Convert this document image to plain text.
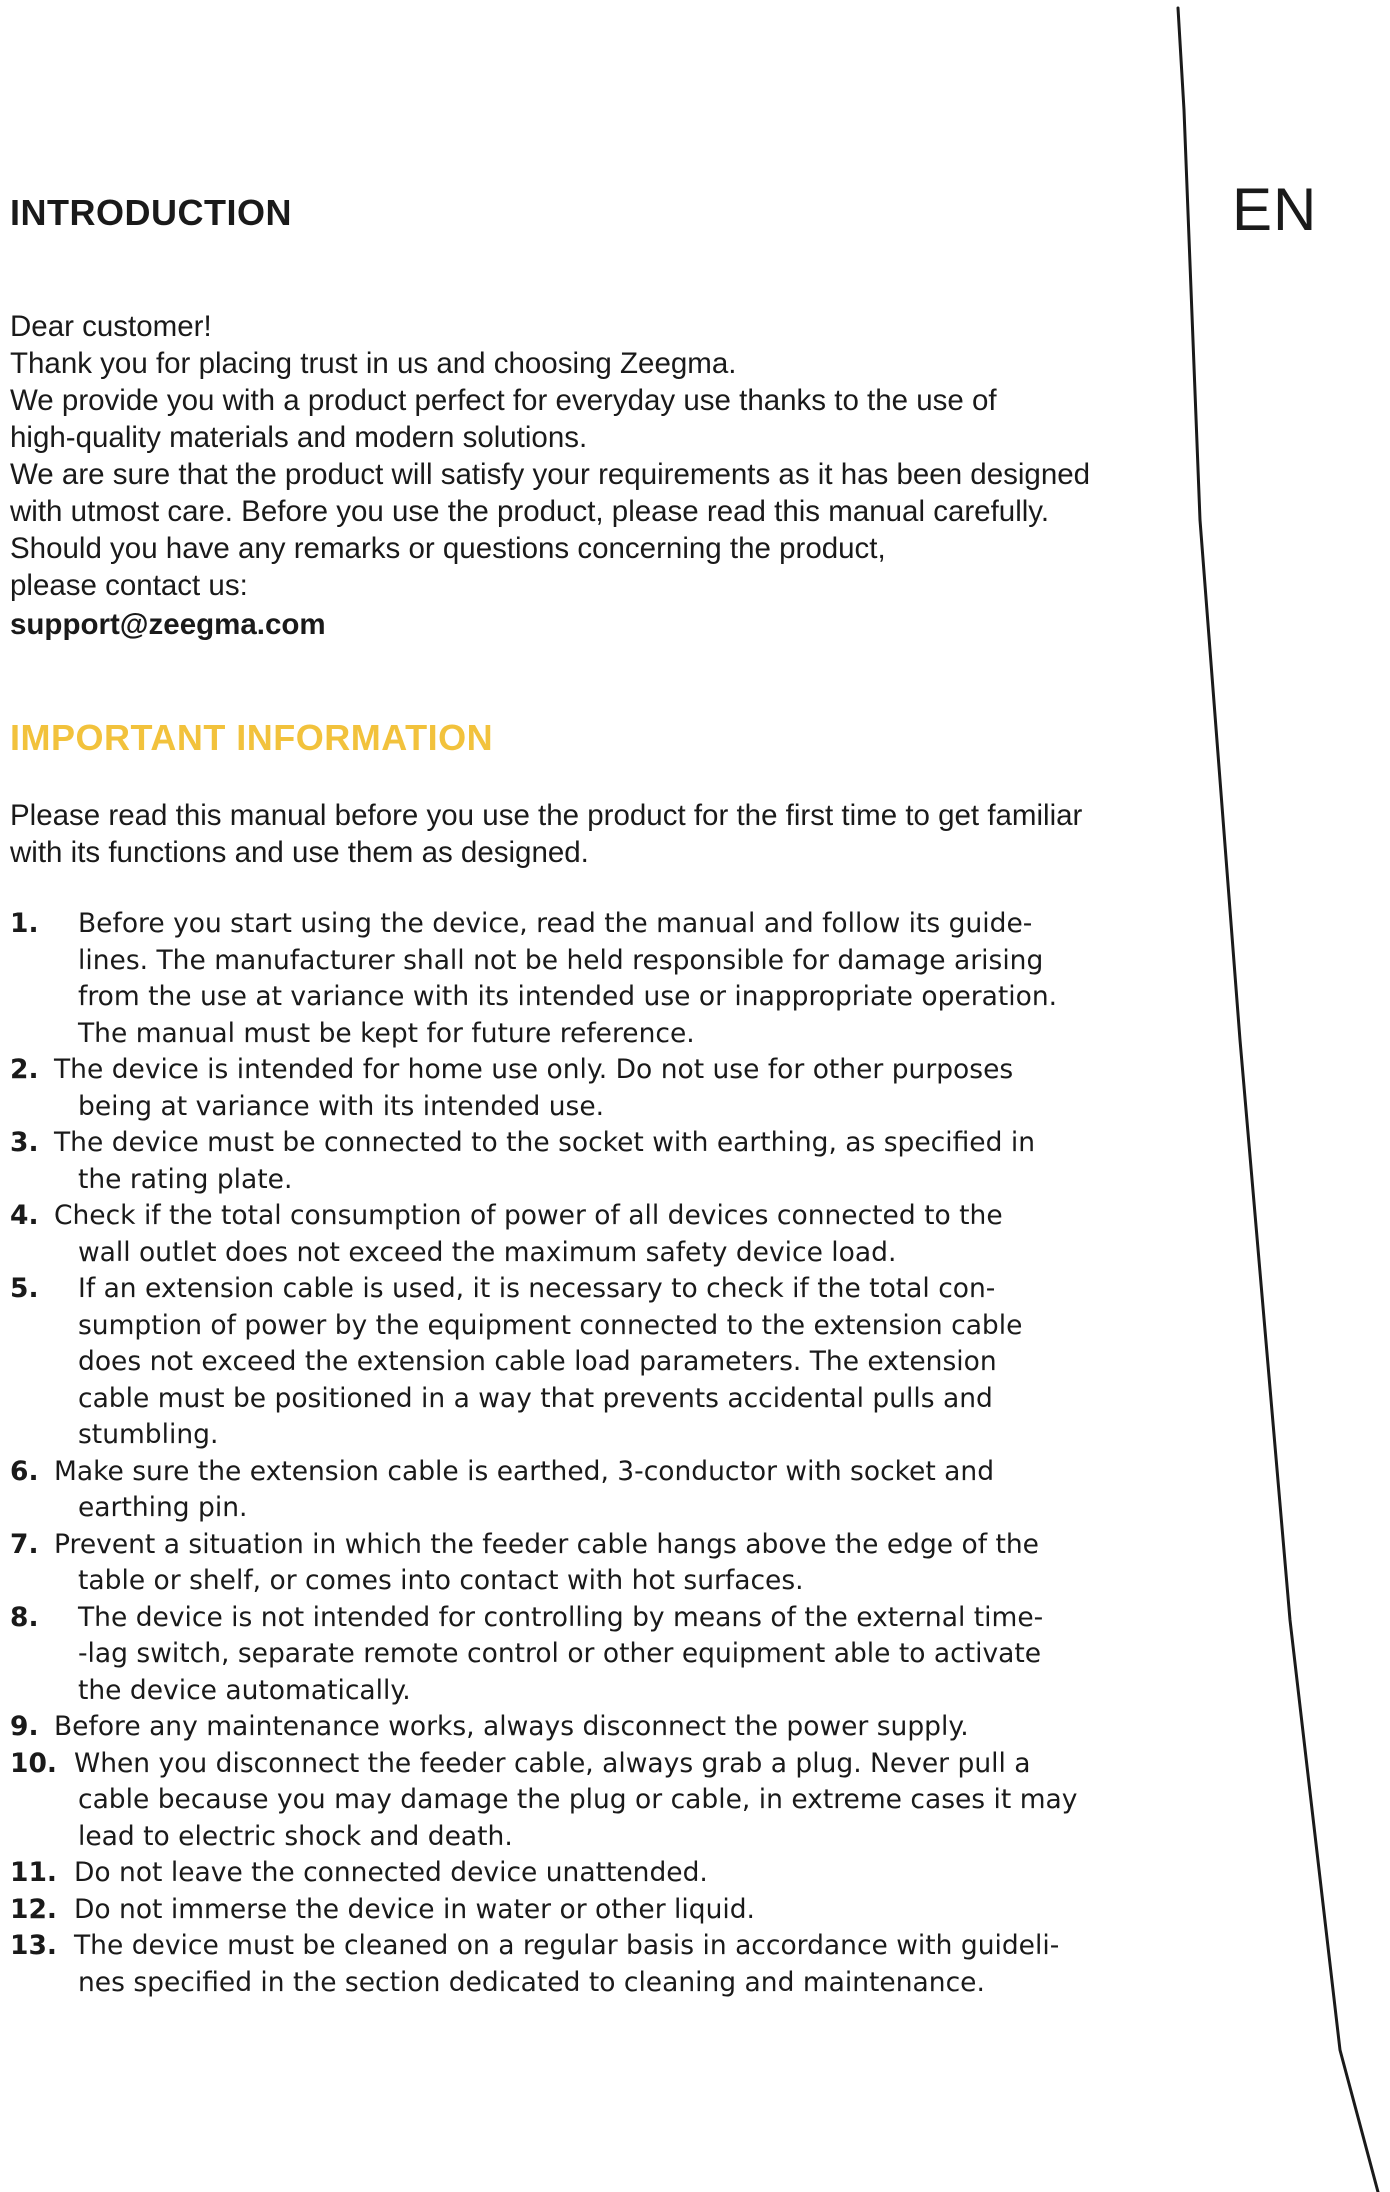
EN
INTRODUCTION

Dear customer!

Thank you for placing trust in us and choosing Zeegma.

We provide you with a product perfect for everyday use thanks to the use of

high-quality materials and modern solutions.

We are sure that the product will satisfy your requirements as it has been designed

with utmost care. Before you use the product, please read this manual carefully.

Should you have any remarks or questions concerning the product,

please contact us:

support@zeegma.com

IMPORTANT INFORMATION

Please read this manual before you use the product for the first time to get familiar

with its functions and use them as designed.

1. Before you start using the device, read the manual and follow its guide-
lines. The manufacturer shall not be held responsible for damage arising
from the use at variance with its intended use or inappropriate operation.
The manual must be kept for future reference.
2. The device is intended for home use only. Do not use for other purposes
being at variance with its intended use.
3. The device must be connected to the socket with earthing, as specified in
the rating plate.
4. Check if the total consumption of power of all devices connected to the
wall outlet does not exceed the maximum safety device load.
5. If an extension cable is used, it is necessary to check if the total con-
sumption of power by the equipment connected to the extension cable
does not exceed the extension cable load parameters. The extension
cable must be positioned in a way that prevents accidental pulls and
stumbling.
6. Make sure the extension cable is earthed, 3-conductor with socket and
earthing pin.
7. Prevent a situation in which the feeder cable hangs above the edge of the
table or shelf, or comes into contact with hot surfaces.
8. The device is not intended for controlling by means of the external time-
-lag switch, separate remote control or other equipment able to activate
the device automatically.
9. Before any maintenance works, always disconnect the power supply.
10. When you disconnect the feeder cable, always grab a plug. Never pull a
cable because you may damage the plug or cable, in extreme cases it may
lead to electric shock and death.
11. Do not leave the connected device unattended.
12. Do not immerse the device in water or other liquid.
13. The device must be cleaned on a regular basis in accordance with guideli-
nes specified in the section dedicated to cleaning and maintenance.
